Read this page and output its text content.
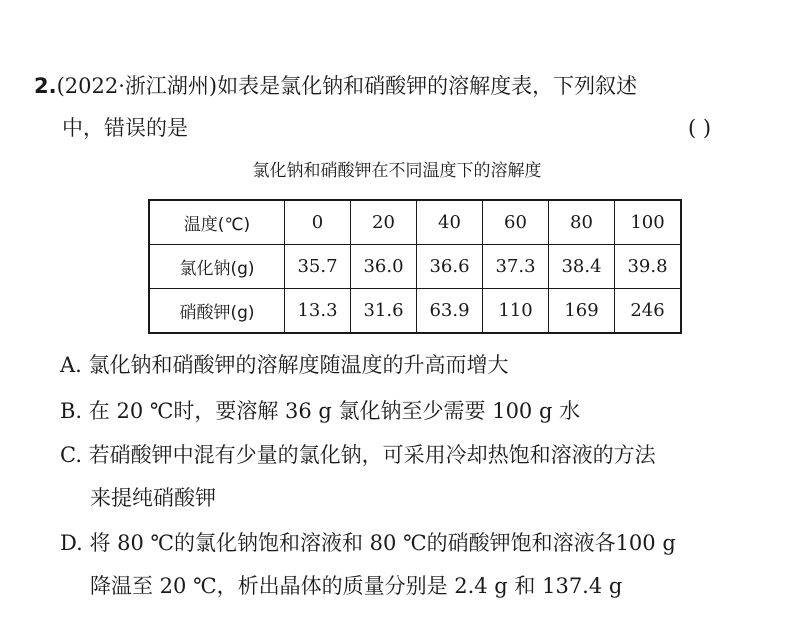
2.(2022·浙江湖州)如表是氯化钠和硝酸钾的溶解度表，下列叙述
中，错误的是	( )
氯化钠和硝酸钾在不同温度下的溶解度
温度(℃)	0	20	40	60	80	100
氯化钠(g)	35.7	36.0	36.6	37.3	38.4	39.8
硝酸钾(g)	13.3	31.6	63.9	110	169	246
A. 氯化钠和硝酸钾的溶解度随温度的升高而增大
B. 在 20 ℃时，要溶解 36 g 氯化钠至少需要 100 g 水
C. 若硝酸钾中混有少量的氯化钠，可采用冷却热饱和溶液的方法
来提纯硝酸钾
D. 将 80 ℃的氯化钠饱和溶液和 80 ℃的硝酸钾饱和溶液各100 g
降温至 20 ℃，析出晶体的质量分别是 2.4 g 和 137.4 g
